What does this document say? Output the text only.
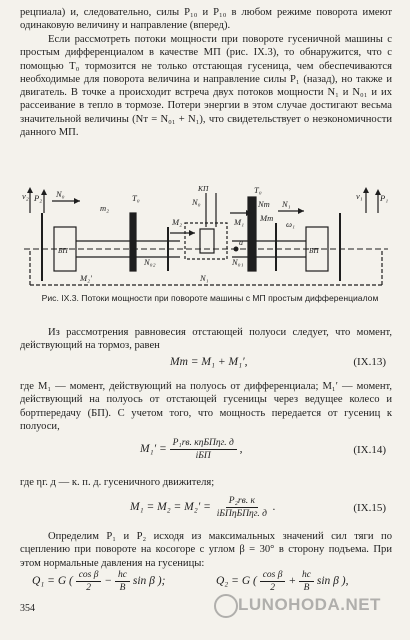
рецпиала) и, следовательно, силы P₁₀ и P₁₀ в любом режиме поворота имеют одинаковую величину и направление (вперед).

Если рассмотреть потоки мощности при повороте гусеничной машины с простым дифференциалом в качестве МП (рис. IX.3), то обнаружится, что с помощью T₀ тормозится не только отстающая гусеница, чем обеспечиваются необходимые для поворота величина и направление силы P₁ (назад), но также и двигатель. В точке a происходит встреча двух потоков мощности N₁ и N₀₁ и их рассеивание в тепло в тормозе. Потери энергии в этом случае достигают весьма значительной величины (Nт = N₀₁ + N₁), что свидетельствует о неэкономичности данного МП.

v₂ P₂ N₀
БП
m₂
T₀
КП
N₀
N₀₂	N₀₁
M₂	M₁
T₀
Nт
Mт
N₁
ω₁
БП
v₁ P₁
M₂′	N₁
a

Рис. IX.3. Потоки мощности при повороте машины с МП простым дифференциалом

Из рассмотрения равновесия отстающей полуоси следует, что момент, действующий на тормоз, равен

Mт = M₁ + M₁′,	(IX.13)

где M₁ — момент, действующий на полуось от дифференциала; M₁′ — момент, действующий на полуось от отстающей гусеницы через ведущее колесо и бортпередачу (БП). С учетом того, что мощность передается от гусениц к полуоси,

$M_1' = \frac{\text{P₁rв. кηБПηг. д}}{\text{iБП}}$ ,	(IX.14)

где ηг. д — к. п. д. гусеничного движителя;

$M_1 = M_2 = M_2' = \frac{\text{P₂rв. к}}{\text{iБПηБПηг. д}}$ .	(IX.15)

Определим P₁ и P₂ исходя из максимальных значений сил тяги по сцеплению при повороте на косогоре с углом β = 30° в сторону подъема. При этом нормальные давления на гусеницы:

Q₁ = G ( $\frac{\text{cos β}}{2} - \frac{hc}{B}$ sin β );	Q₂ = G ( $\frac{\text{cos β}}{2} + \frac{hc}{B}$ sin β ),
354	LUNOHODA.NET
